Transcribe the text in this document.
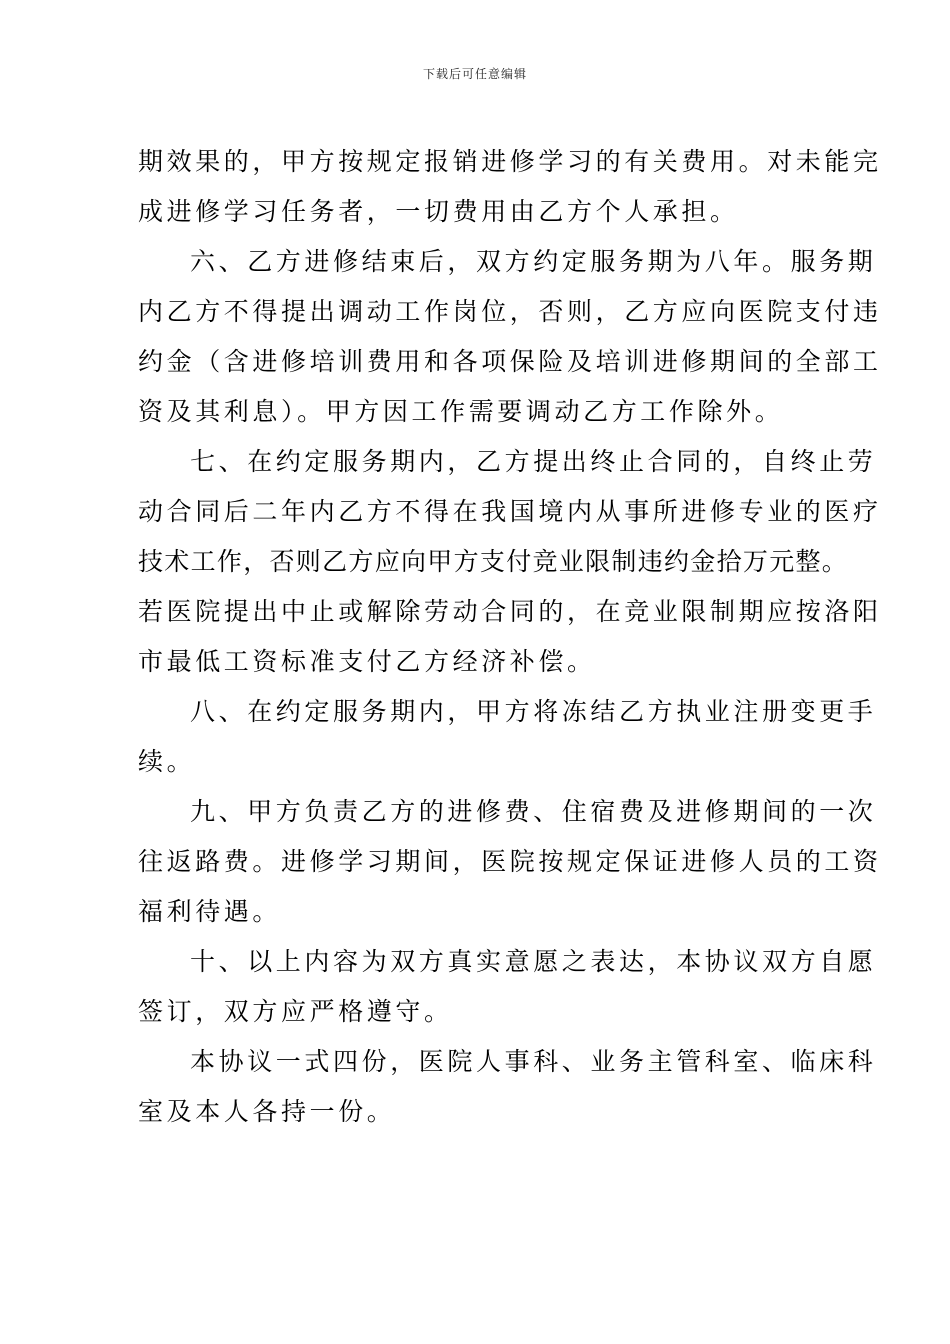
下载后可任意编辑
期效果的，甲方按规定报销进修学习的有关费用。对未能完
成进修学习任务者，一切费用由乙方个人承担。
六、乙方进修结束后，双方约定服务期为八年。服务期
内乙方不得提出调动工作岗位，否则，乙方应向医院支付违
约金（含进修培训费用和各项保险及培训进修期间的全部工
资及其利息）。甲方因工作需要调动乙方工作除外。
七、在约定服务期内，乙方提出终止合同的，自终止劳
动合同后二年内乙方不得在我国境内从事所进修专业的医疗
技术工作，否则乙方应向甲方支付竞业限制违约金拾万元整。
若医院提出中止或解除劳动合同的，在竞业限制期应按洛阳
市最低工资标准支付乙方经济补偿。
八、在约定服务期内，甲方将冻结乙方执业注册变更手
续。
九、甲方负责乙方的进修费、住宿费及进修期间的一次
往返路费。进修学习期间，医院按规定保证进修人员的工资
福利待遇。
十、以上内容为双方真实意愿之表达，本协议双方自愿
签订，双方应严格遵守。
本协议一式四份，医院人事科、业务主管科室、临床科
室及本人各持一份。
